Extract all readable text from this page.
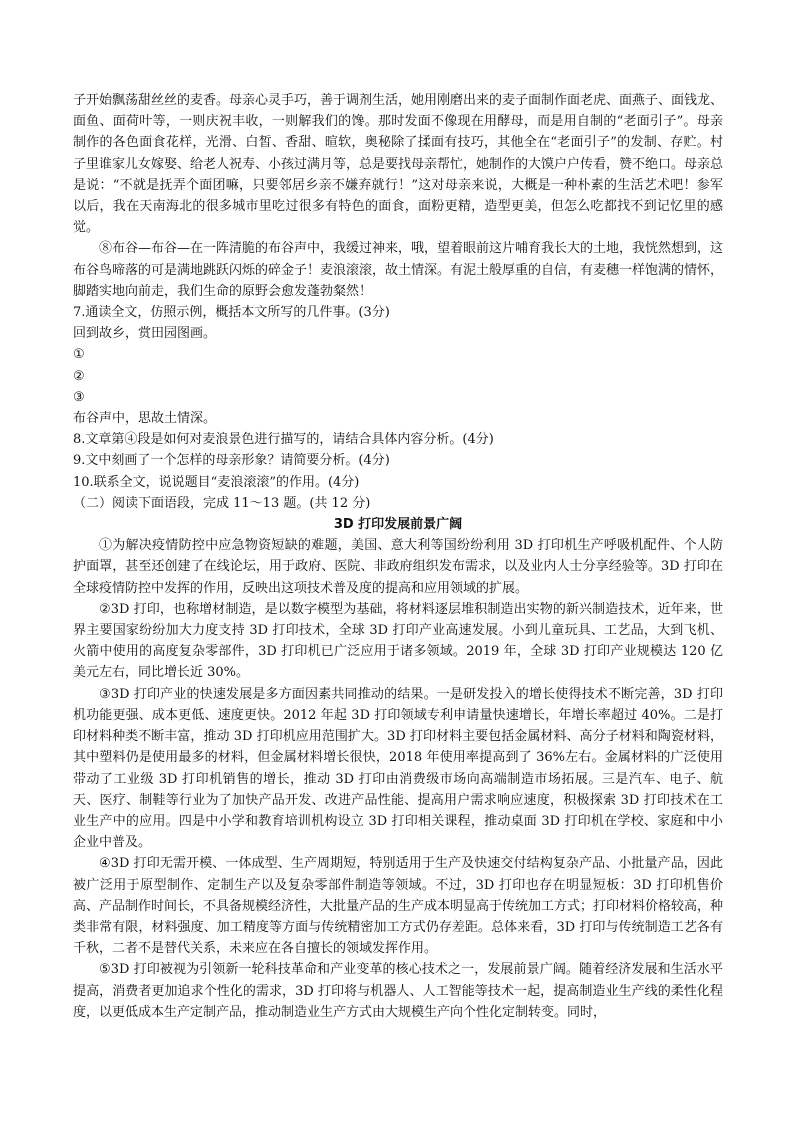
子开始飘荡甜丝丝的麦香。母亲心灵手巧，善于调剂生活，她用刚磨出来的麦子面制作面老虎、面燕子、面钱龙、面鱼、面荷叶等，一则庆祝丰收，一则解我们的馋。那时发面不像现在用酵母，而是用自制的“老面引子”。母亲制作的各色面食花样，光滑、白皙、香甜、暄软，奥秘除了揉面有技巧，其他全在“老面引子”的发制、存贮。村子里谁家儿女嫁娶、给老人祝寿、小孩过满月等，总是要找母亲帮忙，她制作的大馍户户传看，赞不绝口。母亲总是说：“不就是抚弄个面团嘛，只要邻居乡亲不嫌弃就行！”这对母亲来说，大概是一种朴素的生活艺术吧！参军以后，我在天南海北的很多城市里吃过很多有特色的面食，面粉更精，造型更美，但怎么吃都找不到记忆里的感觉。

⑧布谷—布谷—在一阵清脆的布谷声中，我缓过神来，哦，望着眼前这片哺育我长大的土地，我恍然想到，这布谷鸟啼落的可是满地跳跃闪烁的碎金子！麦浪滚滚，故土情深。有泥土般厚重的自信，有麦穗一样饱满的情怀，脚踏实地向前走，我们生命的原野会愈发蓬勃粲然！

7.通读全文，仿照示例，概括本文所写的几件事。(3分)

回到故乡，赏田园图画。

①

②

③

布谷声中，思故土情深。

8.文章第④段是如何对麦浪景色进行描写的，请结合具体内容分析。(4分)

9.文中刻画了一个怎样的母亲形象？请简要分析。(4分)

10.联系全文，说说题目“麦浪滚滚”的作用。(4分)

（二）阅读下面语段，完成 11～13 题。(共 12 分)

3D 打印发展前景广阔

①为解决疫情防控中应急物资短缺的难题，美国、意大利等国纷纷利用 3D 打印机生产呼吸机配件、个人防护面罩，甚至还创建了在线论坛，用于政府、医院、非政府组织发布需求，以及业内人士分享经验等。3D 打印在全球疫情防控中发挥的作用，反映出这项技术普及度的提高和应用领域的扩展。

②3D 打印，也称增材制造，是以数字模型为基础，将材料逐层堆积制造出实物的新兴制造技术，近年来，世界主要国家纷纷加大力度支持 3D 打印技术，全球 3D 打印产业高速发展。小到儿童玩具、工艺品，大到飞机、火箭中使用的高度复杂零部件，3D 打印机已广泛应用于诸多领域。2019 年，全球 3D 打印产业规模达 120 亿美元左右，同比增长近 30%。

③3D 打印产业的快速发展是多方面因素共同推动的结果。一是研发投入的增长使得技术不断完善，3D 打印机功能更强、成本更低、速度更快。2012 年起 3D 打印领域专利申请量快速增长，年增长率超过 40%。二是打印材料种类不断丰富，推动 3D 打印机应用范围扩大。3D 打印材料主要包括金属材料、高分子材料和陶瓷材料，其中塑料仍是使用最多的材料，但金属材料增长很快，2018 年使用率提高到了 36%左右。金属材料的广泛使用带动了工业级 3D 打印机销售的增长，推动 3D 打印由消费级市场向高端制造市场拓展。三是汽车、电子、航天、医疗、制鞋等行业为了加快产品开发、改进产品性能、提高用户需求响应速度，积极探索 3D 打印技术在工业生产中的应用。四是中小学和教育培训机构设立 3D 打印相关课程，推动桌面 3D 打印机在学校、家庭和中小企业中普及。

④3D 打印无需开模、一体成型、生产周期短，特别适用于生产及快速交付结构复杂产品、小批量产品，因此被广泛用于原型制作、定制生产以及复杂零部件制造等领域。不过，3D 打印也存在明显短板：3D 打印机售价高、产品制作时间长，不具备规模经济性，大批量产品的生产成本明显高于传统加工方式；打印材料价格较高，种类非常有限，材料强度、加工精度等方面与传统精密加工方式仍存差距。总体来看，3D 打印与传统制造工艺各有千秋，二者不是替代关系，未来应在各自擅长的领域发挥作用。

⑤3D 打印被视为引领新一轮科技革命和产业变革的核心技术之一，发展前景广阔。随着经济发展和生活水平提高，消费者更加追求个性化的需求，3D 打印将与机器人、人工智能等技术一起，提高制造业生产线的柔性化程度，以更低成本生产定制产品，推动制造业生产方式由大规模生产向个性化定制转变。同时，
